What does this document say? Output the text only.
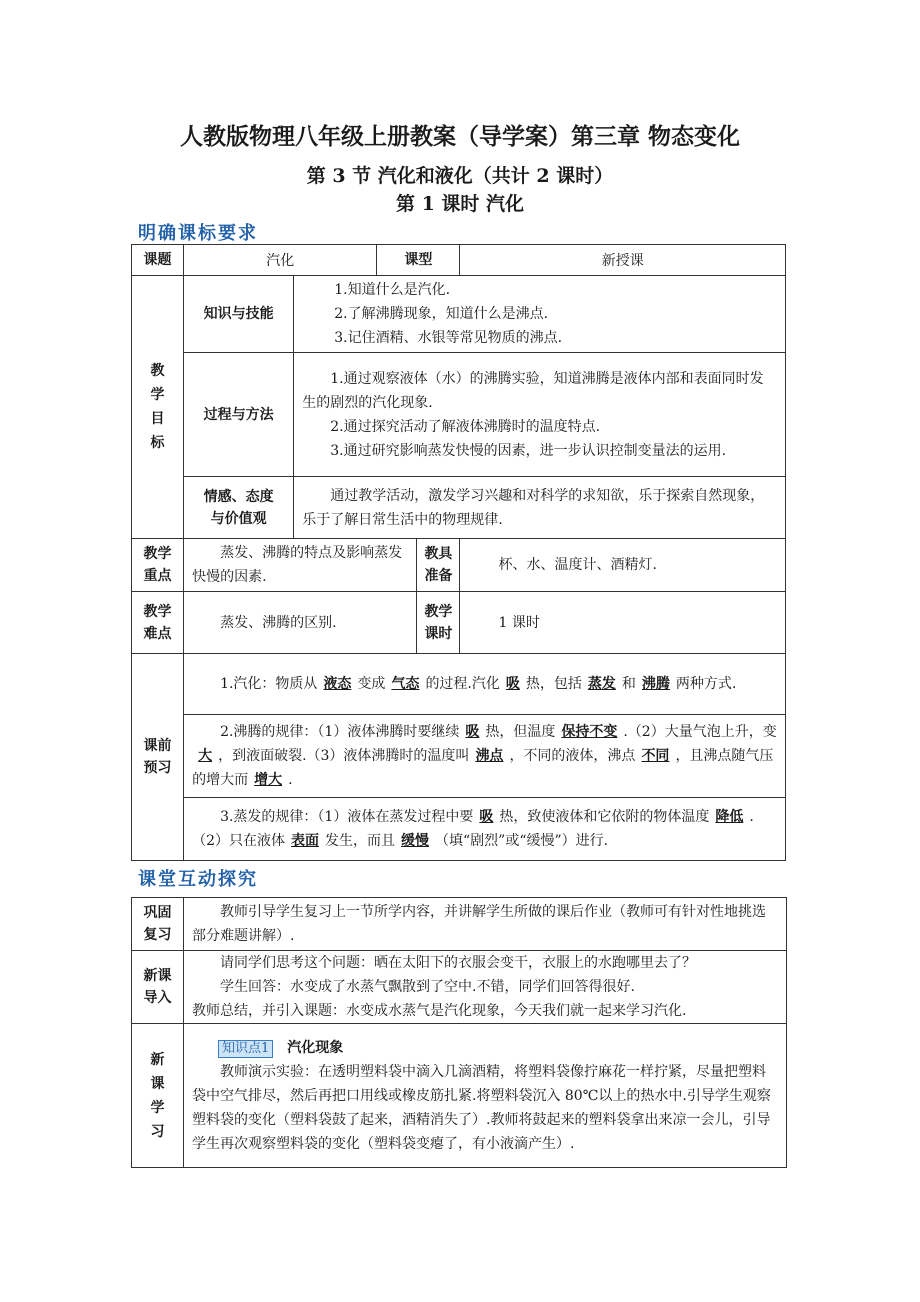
人教版物理八年级上册教案（导学案）第三章 物态变化
第 3 节 汽化和液化（共计 2 课时）
第 1 课时 汽化
明确课标要求
课题	汽化		课型		新授课

教学目标	知识与技能	1.知道什么是汽化.
2.了解沸腾现象，知道什么是沸点.
3.记住酒精、水银等常见物质的沸点.			

	过程与方法	1.通过观察液体（水）的沸腾实验，知道沸腾是液体内部和表面同时发生的剧烈的汽化现象.
2.通过探究活动了解液体沸腾时的温度特点.
3.通过研究影响蒸发快慢的因素，进一步认识控制变量法的运用.			

	情感、态度与价值观	通过教学活动，激发学习兴趣和对科学的求知欲，乐于探索自然现象，乐于了解日常生活中的物理规律.			
教学重点	蒸发、沸腾的特点及影响蒸发快慢的因素.			教具准备	杯、水、温度计、酒精灯.
教学难点	蒸发、沸腾的区别.			教学课时	1 课时
课前预习	1.汽化：物质从 液态 变成 气态 的过程.汽化 吸 热，包括 蒸发 和 沸腾 两种方式.				
	2.沸腾的规律：（1）液体沸腾时要继续 吸 热，但温度 保持不变 .（2）大量气泡上升，变大 ，到液面破裂.（3）液体沸腾时的温度叫 沸点 ，不同的液体，沸点 不同 ，且沸点随气压的增大而 增大 .				
	3.蒸发的规律：（1）液体在蒸发过程中要 吸 热，致使液体和它依附的物体温度 降低 .（2）只在液体 表面 发生，而且 缓慢 （填“剧烈”或“缓慢”）进行.				
课堂互动探究
巩固复习	教师引导学生复习上一节所学内容，并讲解学生所做的课后作业（教师可有针对性地挑选部分难题讲解）.
新课导入	请同学们思考这个问题：晒在太阳下的衣服会变干，衣服上的水跑哪里去了？
学生回答：水变成了水蒸气飘散到了空中.不错，同学们回答得很好.
教师总结，并引入课题：水变成水蒸气是汽化现象，今天我们就一起来学习汽化.

新课学习	知识点1 汽化现象
教师演示实验：在透明塑料袋中滴入几滴酒精，将塑料袋像拧麻花一样拧紧，尽量把塑料袋中空气排尽，然后再把口用线或橡皮筋扎紧.将塑料袋沉入 80℃以上的热水中.引导学生观察塑料袋的变化（塑料袋鼓了起来，酒精消失了）.教师将鼓起来的塑料袋拿出来凉一会儿，引导学生再次观察塑料袋的变化（塑料袋变瘪了，有小液滴产生）.
